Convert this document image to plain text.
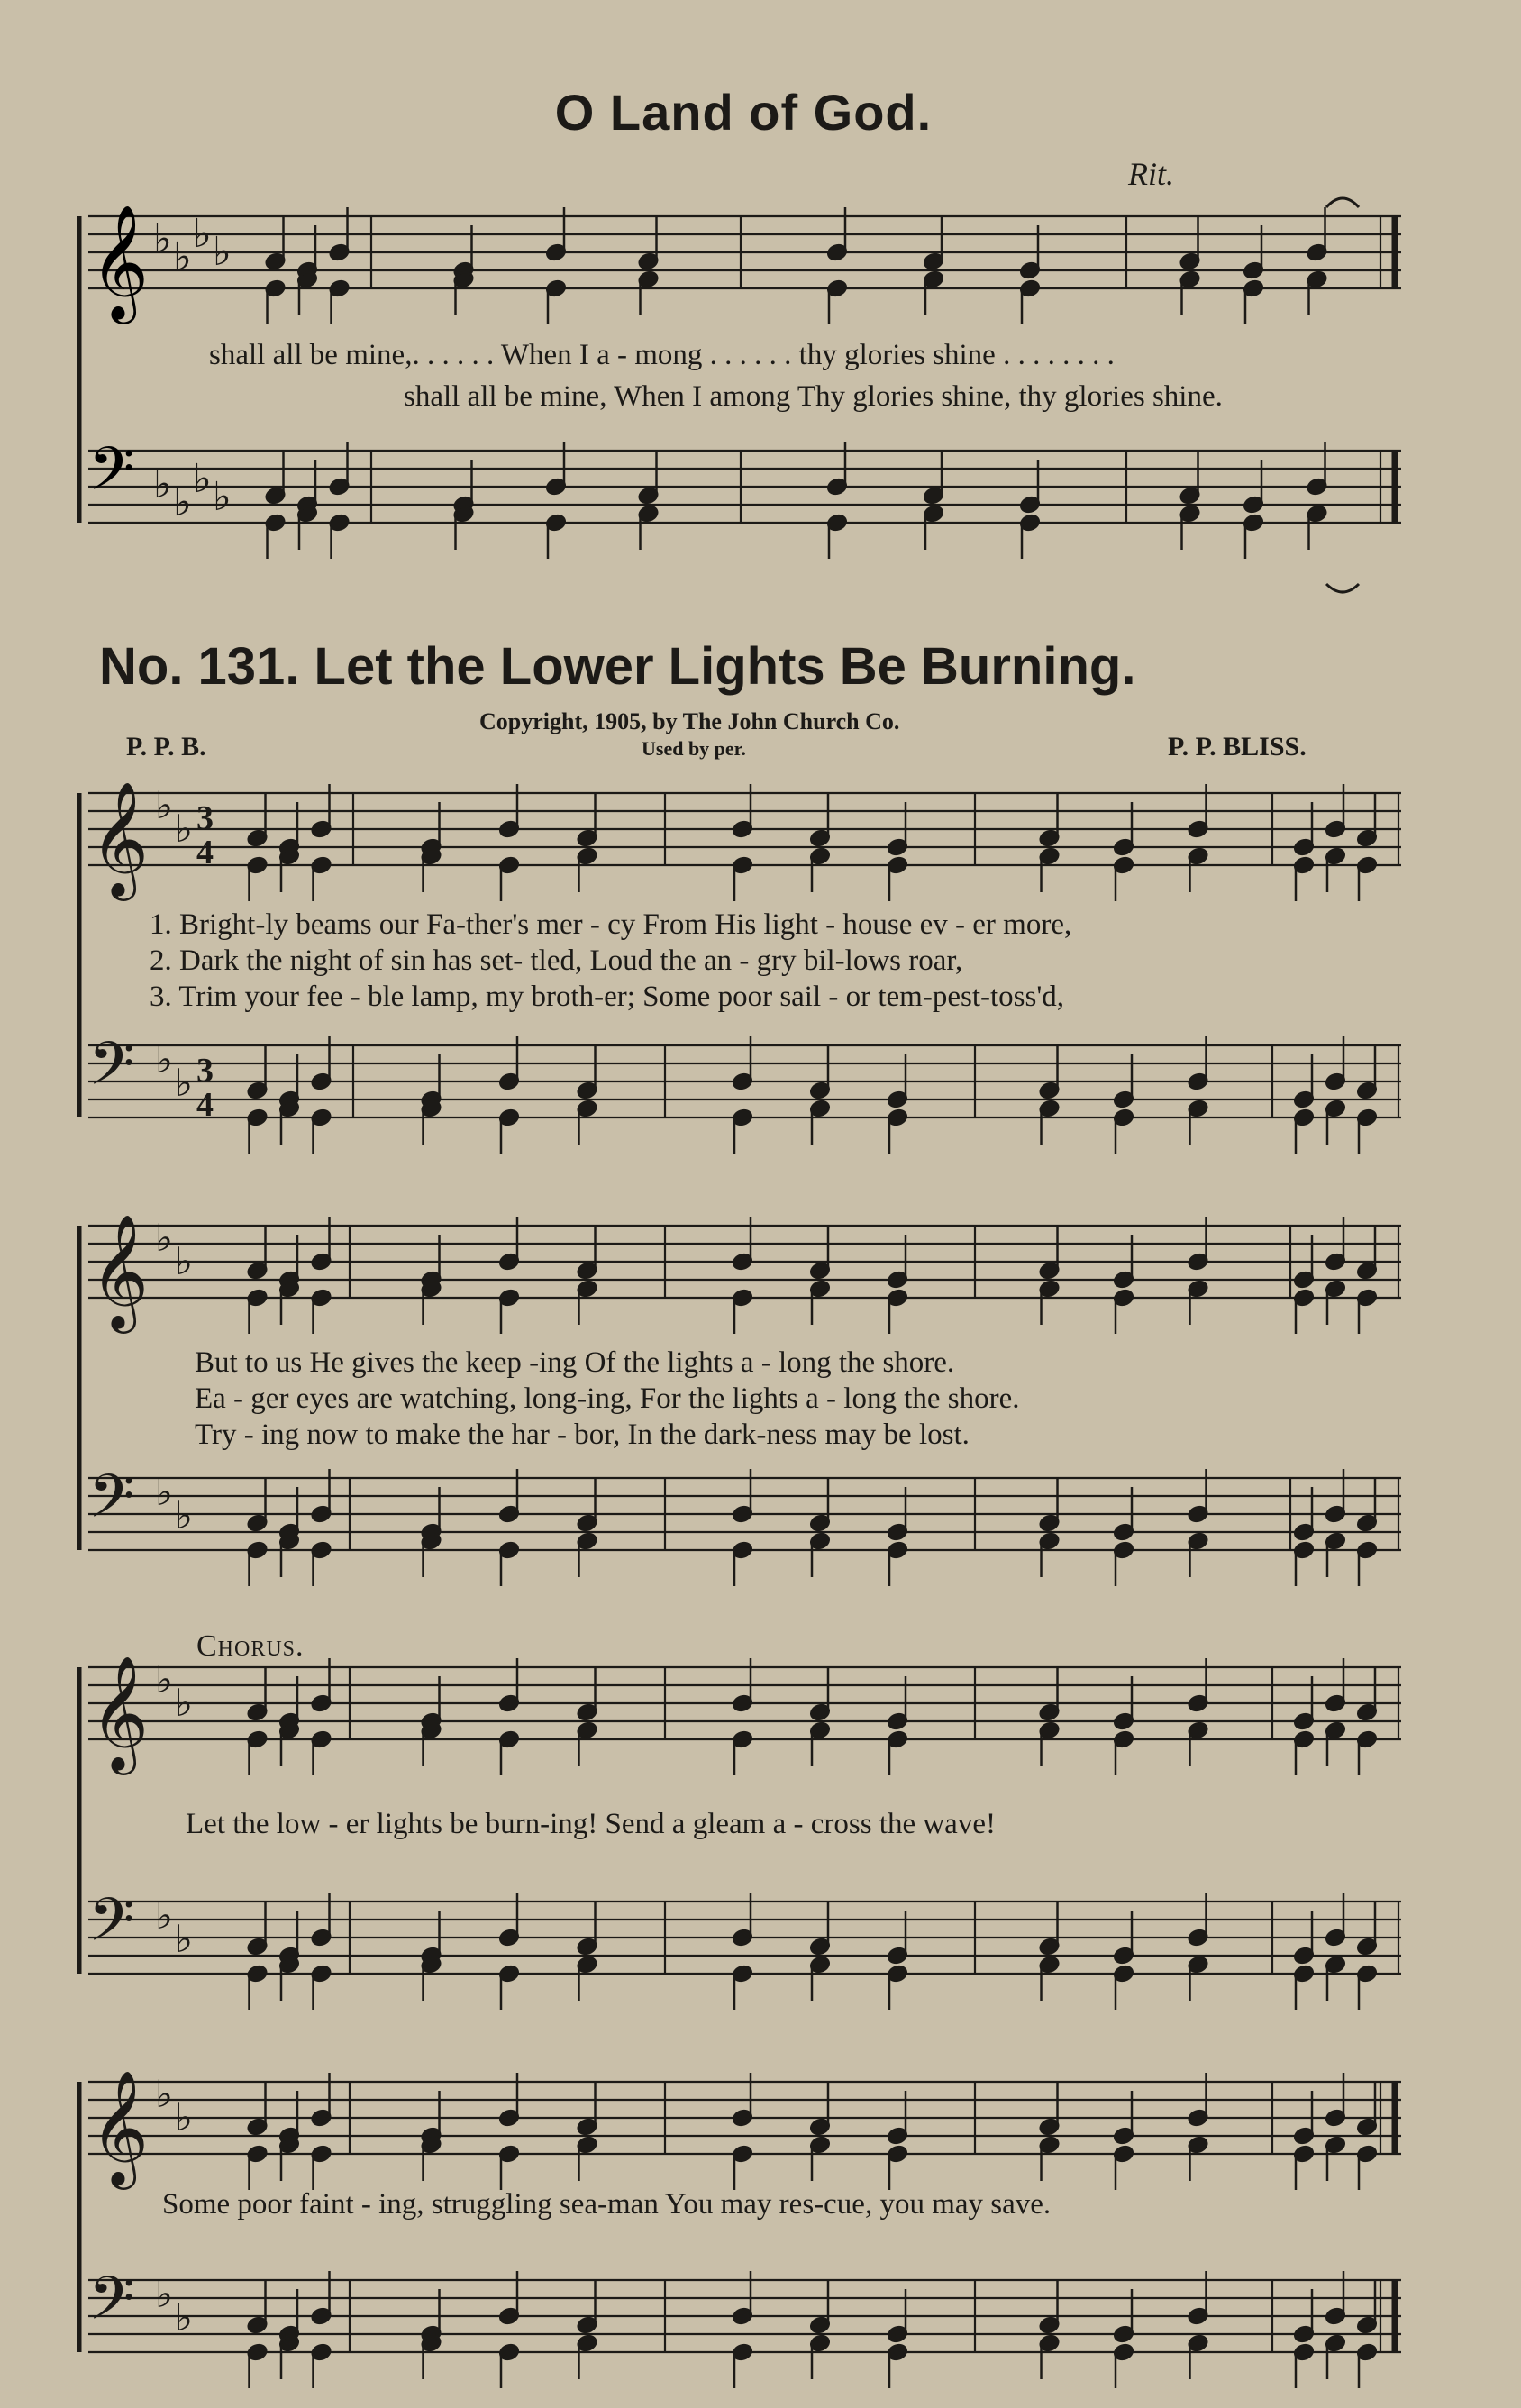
O Land of God.
Rit.
𝄞
𝄢
♭ ♭
♭ ♭
♭ ♭
♭ ♭
shall all be mine,. . . . . . When I a - mong . . . . . . thy glories shine . . . . . . . .
shall all be mine, When I among Thy glories shine, thy glories shine.
No. 131. Let the Lower Lights Be Burning.
Copyright, 1905, by The John Church Co.
Used by per.
P. P. B.	P. P. BLISS.
𝄞
𝄢
𝄞
𝄢
𝄞
𝄢
𝄞
𝄢
♭
♭
♭
♭
♭
♭
♭
♭
♭
♭
♭
♭
♭
♭
♭
♭
3
4
3
4
1. Bright-ly beams our Fa-ther's mer - cy From His light - house ev - er more,
2. Dark the night of sin has set- tled, Loud the an - gry bil-lows roar,
3. Trim your fee - ble lamp, my broth-er; Some poor sail - or tem-pest-toss'd,
But to us He gives the keep -ing Of the lights a - long the shore.
Ea - ger eyes are watching, long-ing, For the lights a - long the shore.
Try - ing now to make the har - bor, In the dark-ness may be lost.
Chorus.
Let the low - er lights be burn-ing! Send a gleam a - cross the wave!
Some poor faint - ing, struggling sea-man You may res-cue, you may save.
